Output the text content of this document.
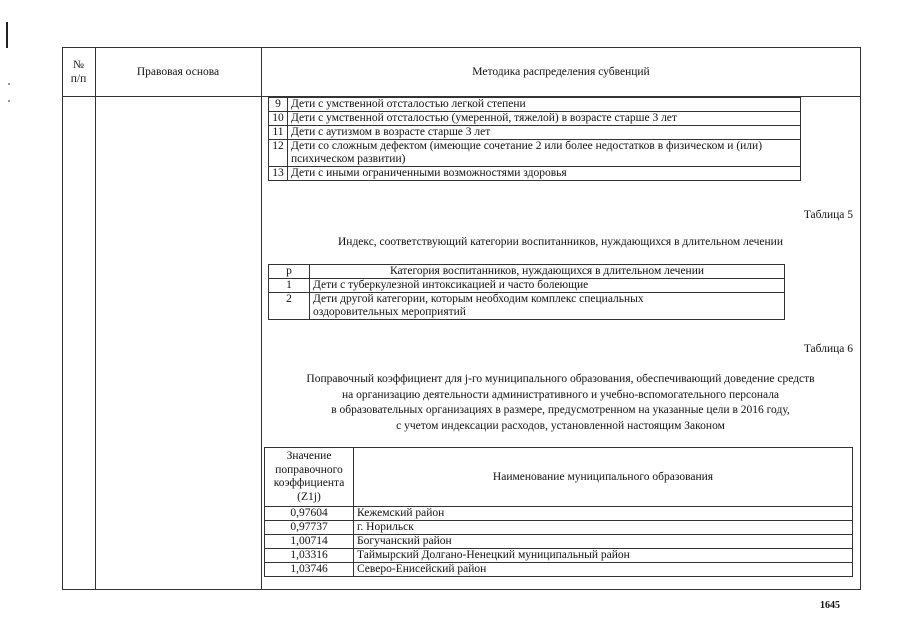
№
п/п
Правовая основа	Методика распределения субвенций
9	Дети с умственной отсталостью легкой степени
10	Дети с умственной отсталостью (умеренной, тяжелой) в возрасте старше 3 лет
11	Дети с аутизмом в возрасте старше 3 лет
12	Дети со сложным дефектом (имеющие сочетание 2 или более недостатков в физическом и (или) психическом развитии)
13	Дети с иными ограниченными возможностями здоровья
Таблица 5
Индекс, соответствующий категории воспитанников, нуждающихся в длительном лечении
p	Категория воспитанников, нуждающихся в длительном лечении
1	Дети с туберкулезной интоксикацией и часто болеющие
2	Дети другой категории, которым необходим комплекс специальных оздоровительных мероприятий
Таблица 6
Поправочный коэффициент для j-го муниципального образования, обеспечивающий доведение средств
на организацию деятельности административного и учебно-вспомогательного персонала
в образовательных организациях в размере, предусмотренном на указанные цели в 2016 году,
с учетом индексации расходов, установленной настоящим Законом
Значение поправочного коэффициента (Z1j)	Наименование муниципального образования
0,97604	Кежемский район
0,97737	г. Норильск
1,00714	Богучанский район
1,03316	Таймырский Долгано-Ненецкий муниципальный район
1,03746	Северо-Енисейский район
1645
